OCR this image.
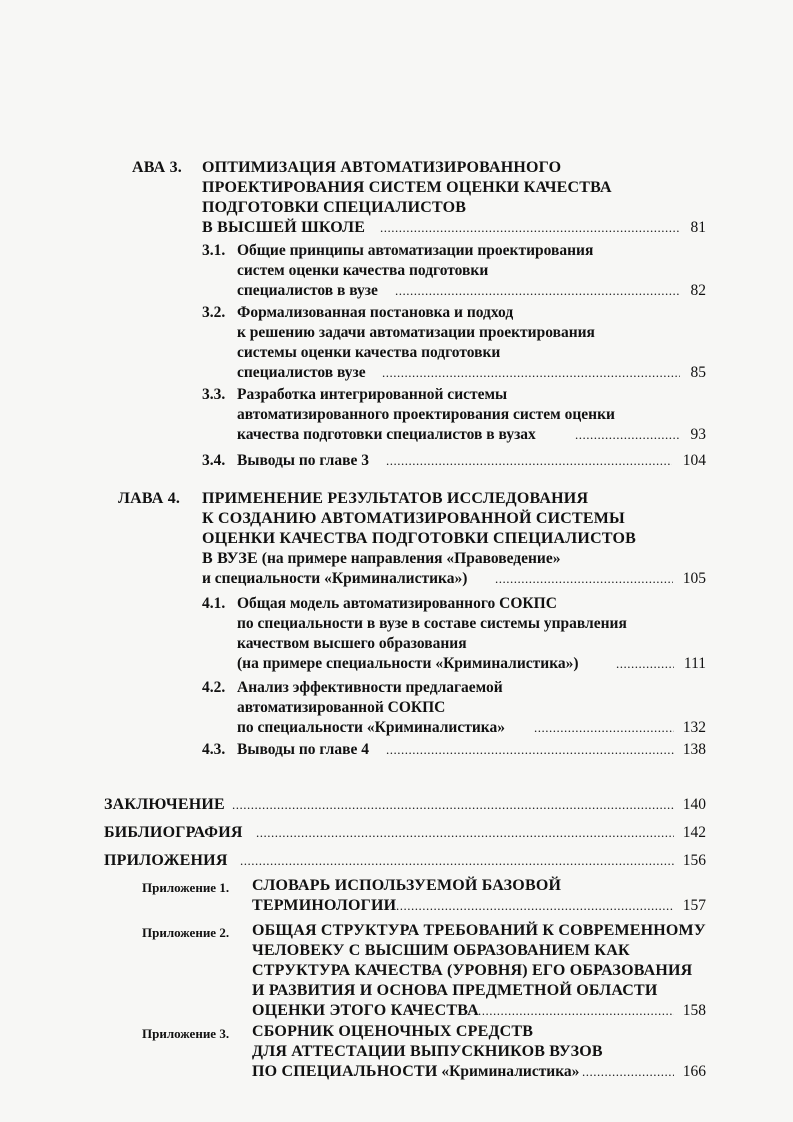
АВА 3. ОПТИМИЗАЦИЯ АВТОМАТИЗИРОВАННОГО
ПРОЕКТИРОВАНИЯ СИСТЕМ ОЦЕНКИ КАЧЕСТВА
ПОДГОТОВКИ СПЕЦИАЛИСТОВ
В ВЫСШЕЙ ШКОЛЕ .....	81
3.1. Общие принципы автоматизации проектирования
систем оценки качества подготовки
специалистов в вузе .....	82
3.2. Формализованная постановка и подход
к решению задачи автоматизации проектирования
системы оценки качества подготовки
специалистов вузе .....	85
3.3. Разработка интегрированной системы
автоматизированного проектирования систем оценки
качества подготовки специалистов в вузах .....	93
3.4. Выводы по главе 3 .....	104
ЛАВА 4. ПРИМЕНЕНИЕ РЕЗУЛЬТАТОВ ИССЛЕДОВАНИЯ
К СОЗДАНИЮ АВТОМАТИЗИРОВАННОЙ СИСТЕМЫ
ОЦЕНКИ КАЧЕСТВА ПОДГОТОВКИ СПЕЦИАЛИСТОВ
В ВУЗЕ (на примере направления «Правоведение»
и специальности «Криминалистика») .....	105
4.1. Общая модель автоматизированного СОКПС
по специальности в вузе в составе системы управления
качеством высшего образования
(на примере специальности «Криминалистика») .....	111
4.2. Анализ эффективности предлагаемой
автоматизированной СОКПС
по специальности «Криминалистика» .....	132
4.3. Выводы по главе 4 .....	138
ЗАКЛЮЧЕНИЕ .....	140
БИБЛИОГРАФИЯ .....	142
ПРИЛОЖЕНИЯ .....	156
Приложение 1. СЛОВАРЬ ИСПОЛЬЗУЕМОЙ БАЗОВОЙ
ТЕРМИНОЛОГИИ .....	157
Приложение 2. ОБЩАЯ СТРУКТУРА ТРЕБОВАНИЙ К СОВРЕМЕННОМУ
ЧЕЛОВЕКУ С ВЫСШИМ ОБРАЗОВАНИЕМ КАК
СТРУКТУРА КАЧЕСТВА (УРОВНЯ) ЕГО ОБРАЗОВАНИЯ
И РАЗВИТИЯ И ОСНОВА ПРЕДМЕТНОЙ ОБЛАСТИ
ОЦЕНКИ ЭТОГО КАЧЕСТВА .....	158
Приложение 3. СБОРНИК ОЦЕНОЧНЫХ СРЕДСТВ
ДЛЯ АТТЕСТАЦИИ ВЫПУСКНИКОВ ВУЗОВ
ПО СПЕЦИАЛЬНОСТИ «Криминалистика» .....	166
